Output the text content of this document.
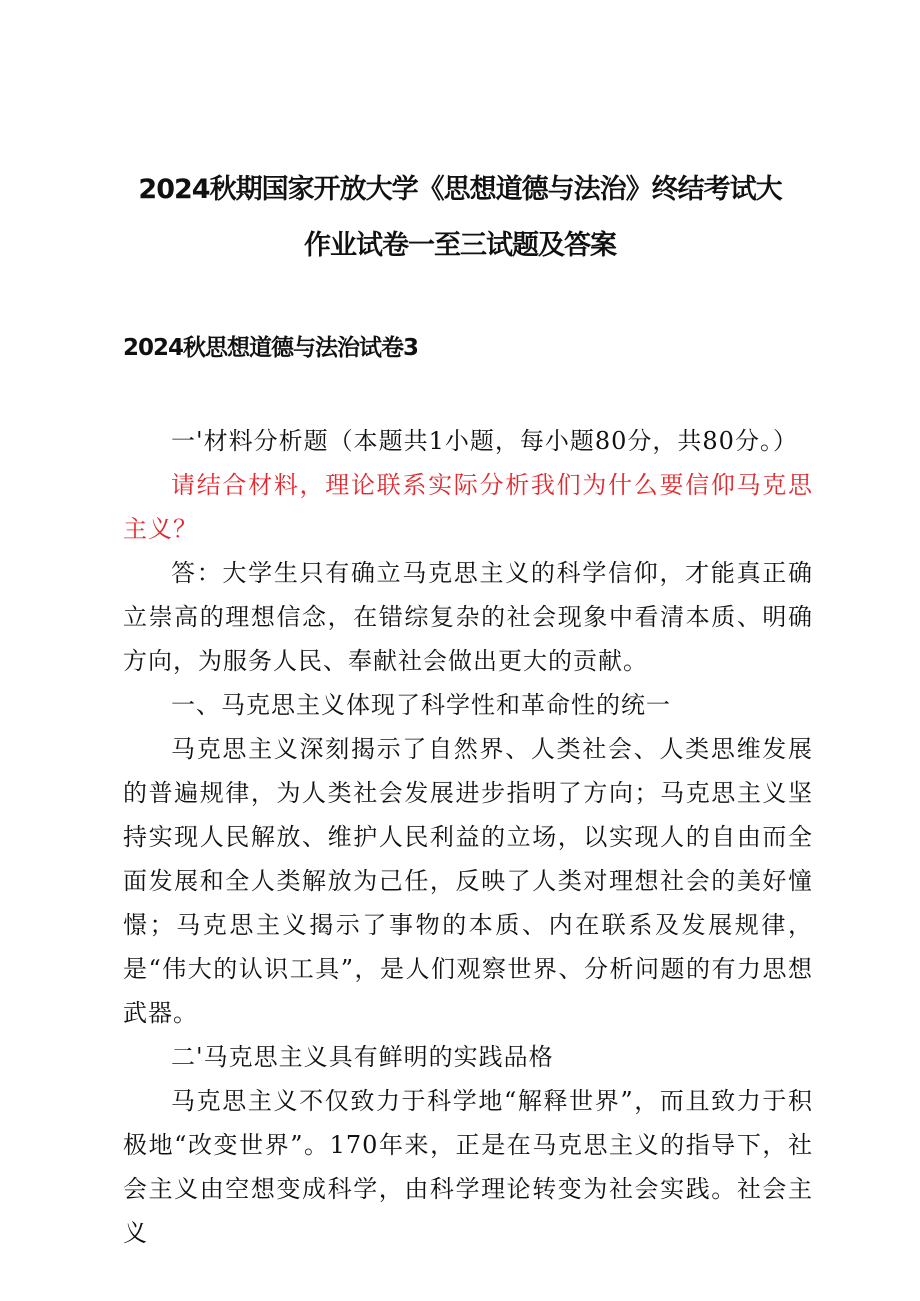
2024秋期国家开放大学《思想道德与法治》终结考试大
作业试卷一至三试题及答案
2024秋思想道德与法治试卷3

一'材料分析题（本题共1小题，每小题80分，共80分。）

请结合材料，理论联系实际分析我们为什么要信仰马克思主义？

答：大学生只有确立马克思主义的科学信仰，才能真正确立崇高的理想信念，在错综复杂的社会现象中看清本质、明确方向，为服务人民、奉献社会做出更大的贡献。

一、马克思主义体现了科学性和革命性的统一

马克思主义深刻揭示了自然界、人类社会、人类思维发展的普遍规律，为人类社会发展进步指明了方向；马克思主义坚持实现人民解放、维护人民利益的立场，以实现人的自由而全面发展和全人类解放为己任，反映了人类对理想社会的美好憧憬；马克思主义揭示了事物的本质、内在联系及发展规律，是“伟大的认识工具”，是人们观察世界、分析问题的有力思想武器。

二'马克思主义具有鲜明的实践品格

马克思主义不仅致力于科学地“解释世界”，而且致力于积极地“改变世界”。170年来，正是在马克思主义的指导下，社会主义由空想变成科学，由科学理论转变为社会实践。社会主义
